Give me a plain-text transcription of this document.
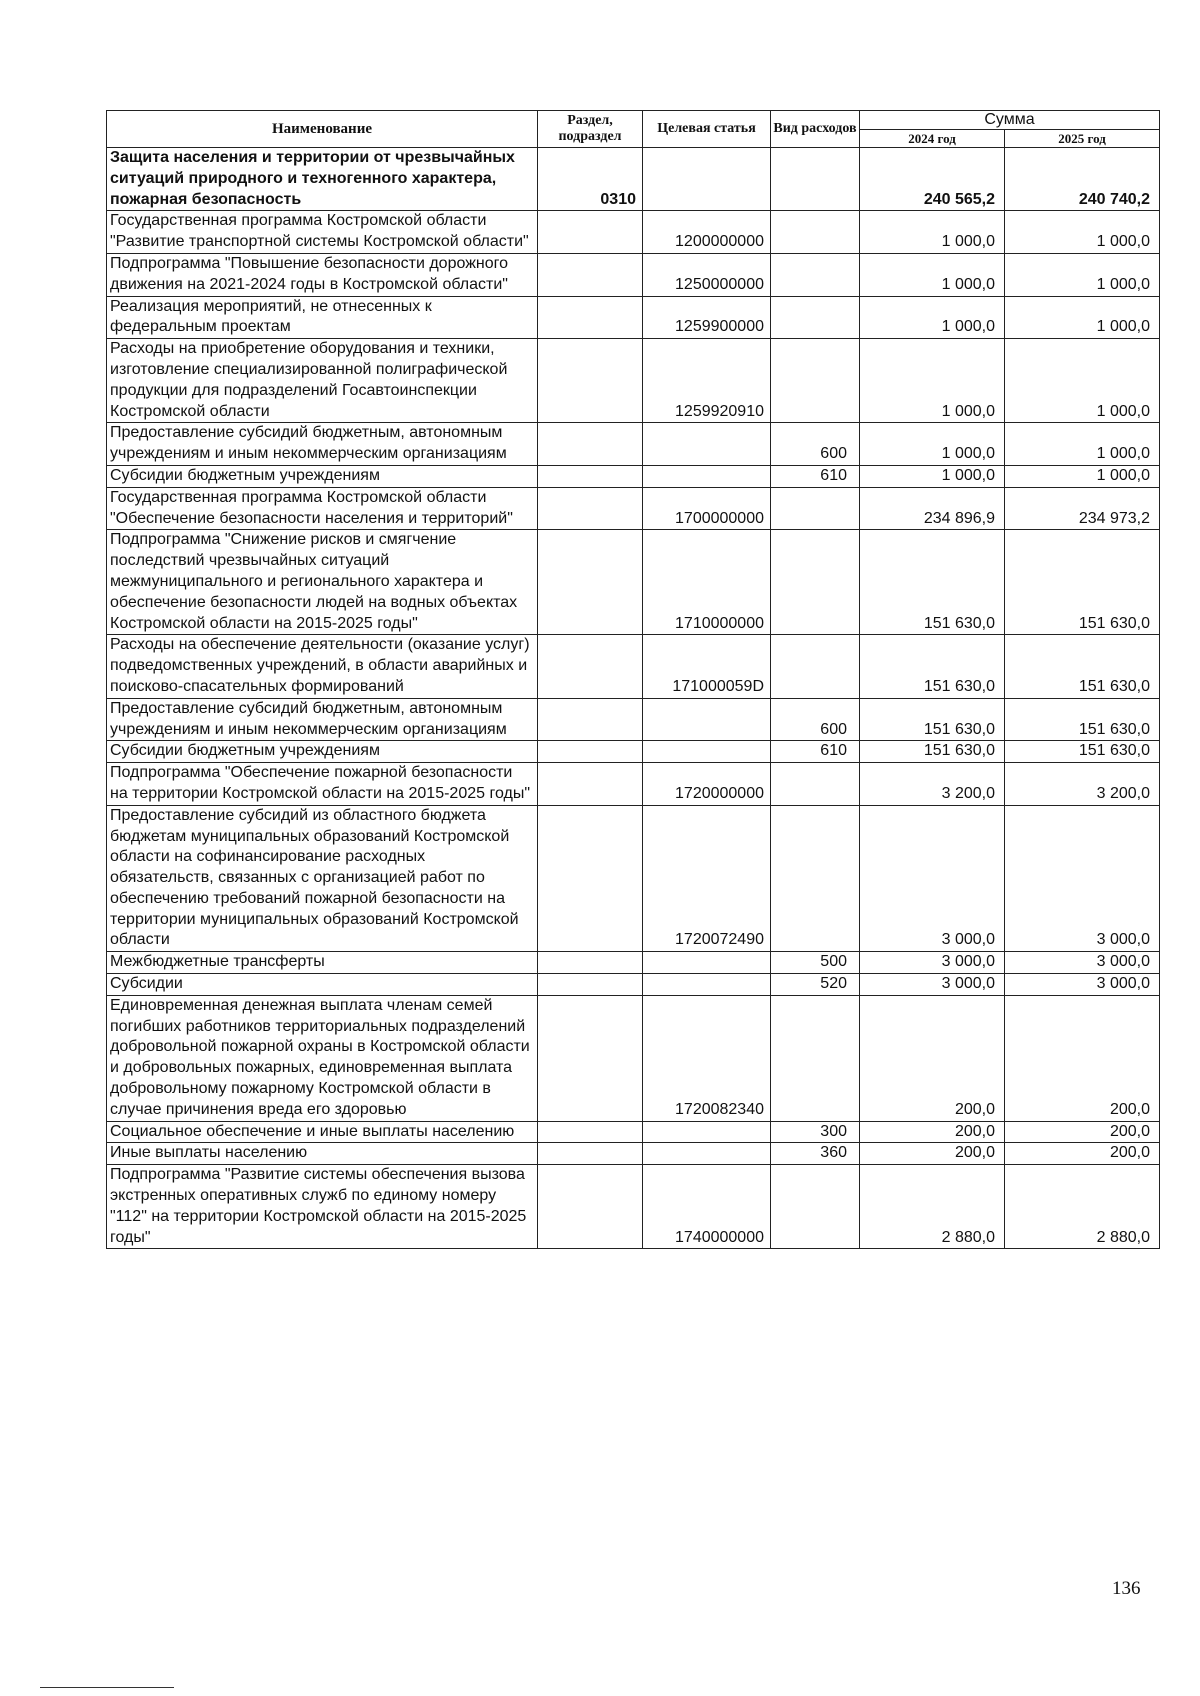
Наименование	Раздел, подраздел	Целевая статья	Вид расходов	Сумма	
				2024 год	2025 год
Защита населения и территории от чрезвычайных ситуаций природного и техногенного характера, пожарная безопасность	0310			240 565,2	240 740,2
Государственная программа Костромской области "Развитие транспортной системы Костромской области"		1200000000		1 000,0	1 000,0
Подпрограмма "Повышение безопасности дорожного движения на 2021-2024 годы в Костромской области"		1250000000		1 000,0	1 000,0
Реализация мероприятий, не отнесенных к федеральным проектам		1259900000		1 000,0	1 000,0
Расходы на приобретение оборудования и техники, изготовление специализированной полиграфической продукции для подразделений Госавтоинспекции Костромской области		1259920910		1 000,0	1 000,0
Предоставление субсидий бюджетным, автономным учреждениям и иным некоммерческим организациям			600	1 000,0	1 000,0
Субсидии бюджетным учреждениям			610	1 000,0	1 000,0
Государственная программа Костромской области "Обеспечение безопасности населения и территорий"		1700000000		234 896,9	234 973,2
Подпрограмма "Снижение рисков и смягчение последствий чрезвычайных ситуаций межмуниципального и регионального характера и обеспечение безопасности людей на водных объектах Костромской области на 2015-2025 годы"		1710000000		151 630,0	151 630,0
Расходы на обеспечение деятельности (оказание услуг) подведомственных учреждений, в области аварийных и поисково-спасательных формирований		171000059D		151 630,0	151 630,0
Предоставление субсидий бюджетным, автономным учреждениям и иным некоммерческим организациям			600	151 630,0	151 630,0
Субсидии бюджетным учреждениям			610	151 630,0	151 630,0
Подпрограмма "Обеспечение пожарной безопасности на территории Костромской области на 2015-2025 годы"		1720000000		3 200,0	3 200,0
Предоставление субсидий из областного бюджета бюджетам муниципальных образований Костромской области на софинансирование расходных обязательств, связанных с организацией работ по обеспечению требований пожарной безопасности на территории муниципальных образований Костромской области		1720072490		3 000,0	3 000,0
Межбюджетные трансферты			500	3 000,0	3 000,0
Субсидии			520	3 000,0	3 000,0
Единовременная денежная выплата членам семей погибших работников территориальных подразделений добровольной пожарной охраны в Костромской области и добровольных пожарных, единовременная выплата добровольному пожарному Костромской области в случае причинения вреда его здоровью		1720082340		200,0	200,0
Социальное обеспечение и иные выплаты населению			300	200,0	200,0
Иные выплаты населению			360	200,0	200,0
Подпрограмма "Развитие системы обеспечения вызова экстренных оперативных служб по единому номеру "112" на территории Костромской области на 2015-2025 годы"		1740000000		2 880,0	2 880,0
136
